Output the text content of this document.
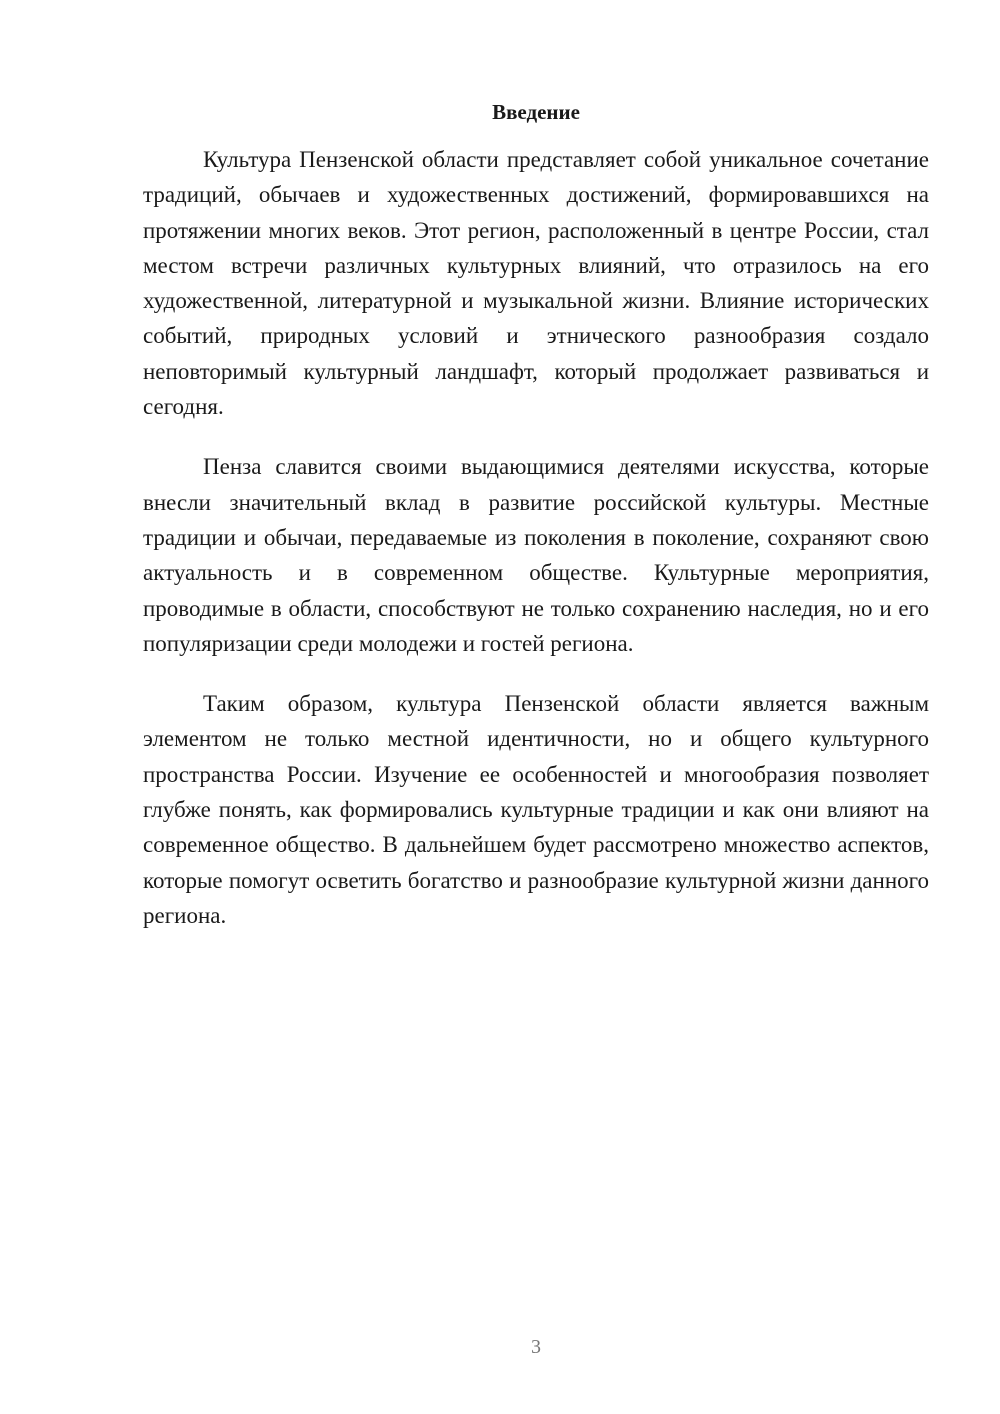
Введение

Культура Пензенской области представляет собой уникальное сочетание традиций, обычаев и художественных достижений, формировавшихся на протяжении многих веков. Этот регион, расположенный в центре России, стал местом встречи различных культурных влияний, что отразилось на его художественной, литературной и музыкальной жизни. Влияние исторических событий, природных условий и этнического разнообразия создало неповторимый культурный ландшафт, который продолжает развиваться и сегодня.

Пенза славится своими выдающимися деятелями искусства, которые внесли значительный вклад в развитие российской культуры. Местные традиции и обычаи, передаваемые из поколения в поколение, сохраняют свою актуальность и в современном обществе. Культурные мероприятия, проводимые в области, способствуют не только сохранению наследия, но и его популяризации среди молодежи и гостей региона.

Таким образом, культура Пензенской области является важным элементом не только местной идентичности, но и общего культурного пространства России. Изучение ее особенностей и многообразия позволяет глубже понять, как формировались культурные традиции и как они влияют на современное общество. В дальнейшем будет рассмотрено множество аспектов, которые помогут осветить богатство и разнообразие культурной жизни данного региона.

3
